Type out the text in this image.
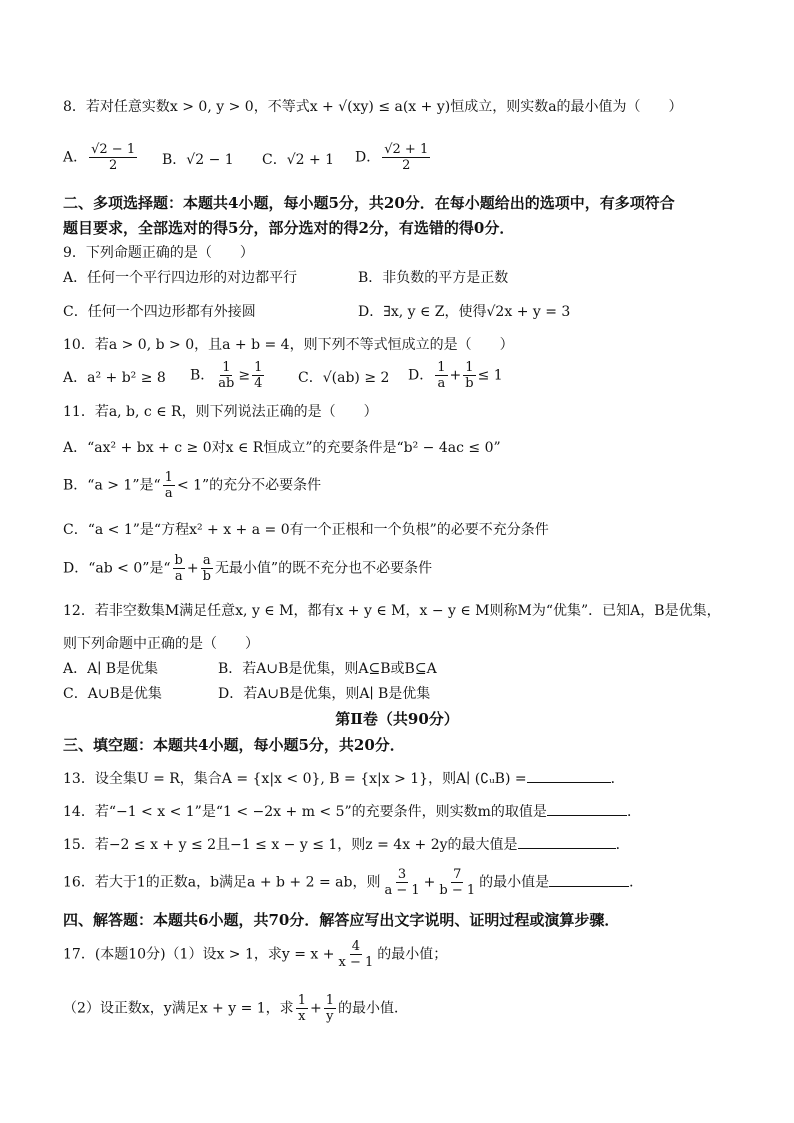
8．若对任意实数x > 0, y > 0，不等式x + √(xy) ≤ a(x + y)恒成立，则实数a的最小值为（　　）
A． $\frac{√2 - 1}{2}$ B．√2 − 1 C．√2 + 1 D． $\frac{√2 + 1}{2}$
二、多项选择题：本题共4小题，每小题5分，共20分．在每小题给出的选项中，有多项符合
题目要求，全部选对的得5分，部分选对的得2分，有选错的得0分．
9．下列命题正确的是（　　）
A．任何一个平行四边形的对边都平行	B．非负数的平方是正数
C．任何一个四边形都有外接圆	D．∃x, y ∈ Z，使得√2x + y = 3
10．若a > 0, b > 0，且a + b = 4，则下列不等式恒成立的是（　　）
A．a² + b² ≥ 8 B． $\frac{1}{ab} \ge \frac{1}{4}$ C．√(ab) ≥ 2 D． $\frac{1}{a} + \frac{1}{b} \le 1$
11．若a, b, c ∈ R，则下列说法正确的是（　　）
A．“ax² + bx + c ≥ 0对x ∈ R恒成立”的充要条件是“b² − 4ac ≤ 0”
B．“a > 1”是“ $\frac{1}{a} < 1$”的充分不必要条件
C．“a < 1”是“方程x² + x + a = 0有一个正根和一个负根”的必要不充分条件
D．“ab < 0”是“ $\frac{b}{a} + \frac{a}{b}$ 无最小值”的既不充分也不必要条件
12．若非空数集M满足任意x, y ∈ M，都有x + y ∈ M，x − y ∈ M则称M为“优集”．已知A，B是优集，
则下列命题中正确的是（　　）
A．A∣ B是优集	B．若A∪B是优集，则A⊆B或B⊆A
C．A∪B是优集	D．若A∪B是优集，则A∣ B是优集
第Ⅱ卷（共90分）
三、填空题：本题共4小题，每小题5分，共20分．
13．设全集U = R，集合A = {x|x < 0}, B = {x|x > 1}，则A∣ (∁ᵤB) =	．
14．若“−1 < x < 1”是“1 < −2x + m < 5”的充要条件，则实数m的取值是	．
15．若−2 ≤ x + y ≤ 2且−1 ≤ x − y ≤ 1，则z = 4x + 2y的最大值是	．
16．若大于1的正数a，b满足a + b + 2 = ab，则 $\frac{3}{a - 1} + \frac{7}{b - 1}$ 的最小值是	．
四、解答题：本题共6小题，共70分．解答应写出文字说明、证明过程或演算步骤．
17．(本题10分)（1）设x > 1，求$y = x + \frac{4}{x - 1}$ 的最小值；
（2）设正数x，y满足x + y = 1，求 $\frac{1}{x} + \frac{1}{y}$ 的最小值．
